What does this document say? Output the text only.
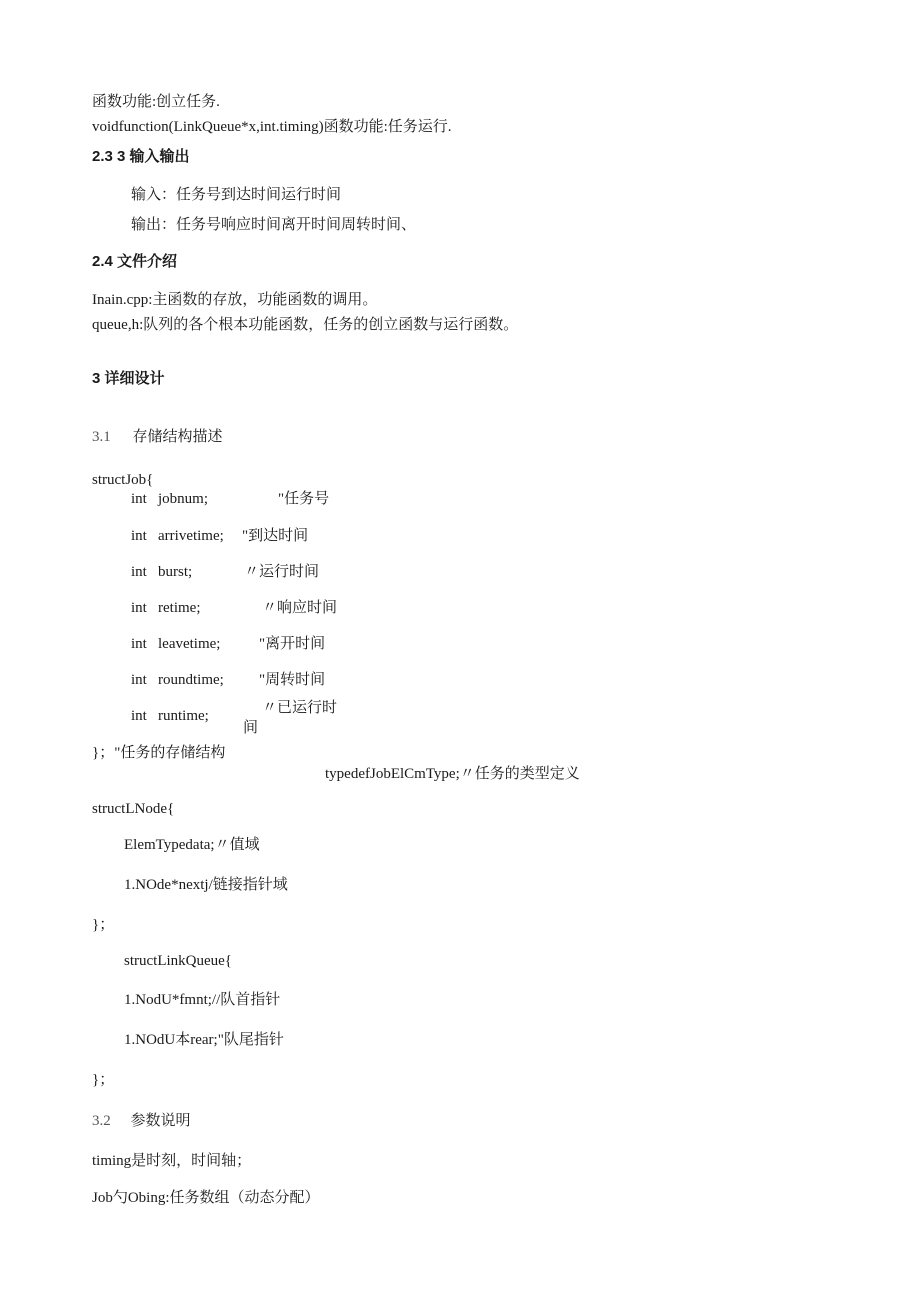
函数功能:创立任务.
voidfunction(LinkQueue*x,int.timing)函数功能:任务运行.
2.3 3 输入输出
输入：任务号到达时间运行时间
输出：任务号响应时间离开时间周转时间、
2.4 文件介绍
Inain.cpp:主函数的存放，功能函数的调用。
queue,h:队列的各个根本功能函数，任务的创立函数与运行函数。
3 详细设计
3.1 存储结构描述
structJob{
int jobnum;	"任务号
int arrivetime; "到达时间
int burst;	〃运行时间
int retime;	〃响应时间
int leavetime;	"离开时间
int roundtime; "周转时间
int runtime;	〃已运行时
间
}；"任务的存储结构
typedefJobElCmType;〃任务的类型定义
structLNode{
ElemTypedata;〃值域
1.NOde*nextj/链接指针域
}；
structLinkQueue{
1.NodU*fmnt;//队首指针
1.NOdU本rear;"队尾指针
}；
3.2 参数说明
timing是时刻，时间轴；
Job勺Obing:任务数组（动态分配）
